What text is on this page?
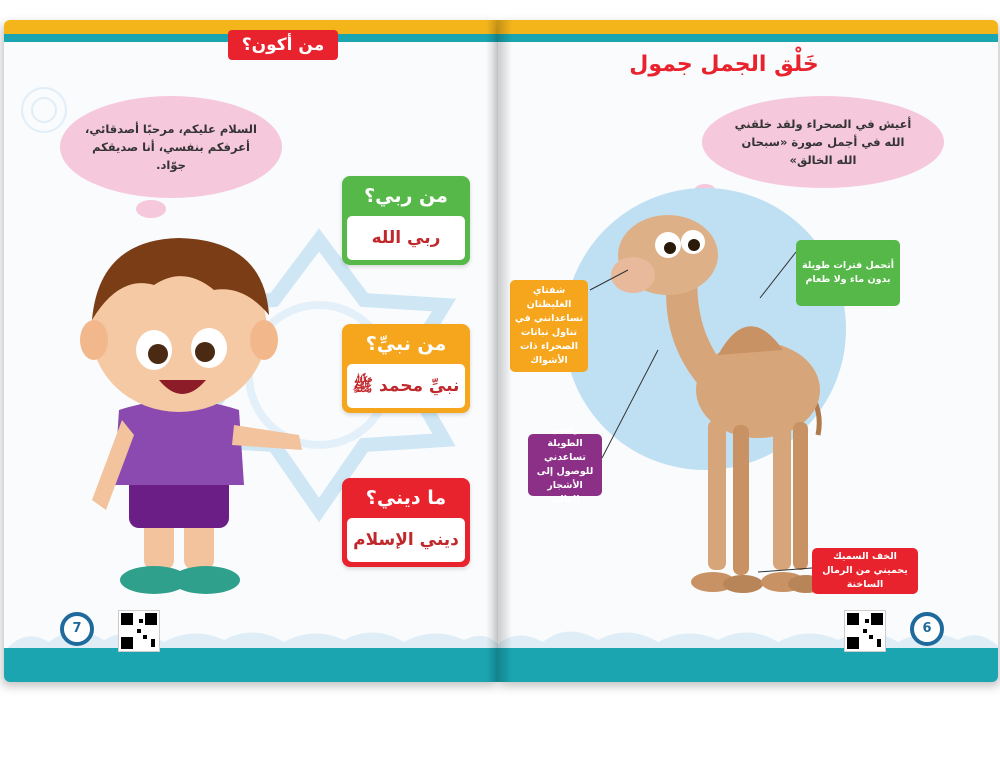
من أكون؟
السلام عليكم، مرحبًا أصدقائي، أعرفكم بنفسي، أنا صديقكم جوّاد.
من ربي؟
ربي الله
من نبيِّ؟
نبيِّ محمد ﷺ
ما ديني؟
ديني الإسلام
7
خَلْق الجمل جمول
أعيش في الصحراء ولقد خلقني الله في أجمل صورة «سبحان الله الخالق»
شفتاي الغليظتان تساعدانني في تناول نباتات الصحراء ذات الأشواك
أتحمل فترات طويلة بدون ماء ولا طعام
رقبتي الطويلة تساعدني للوصول إلى الأشجار العالية
الخف السميك يحميني من الرمال الساخنة
6
